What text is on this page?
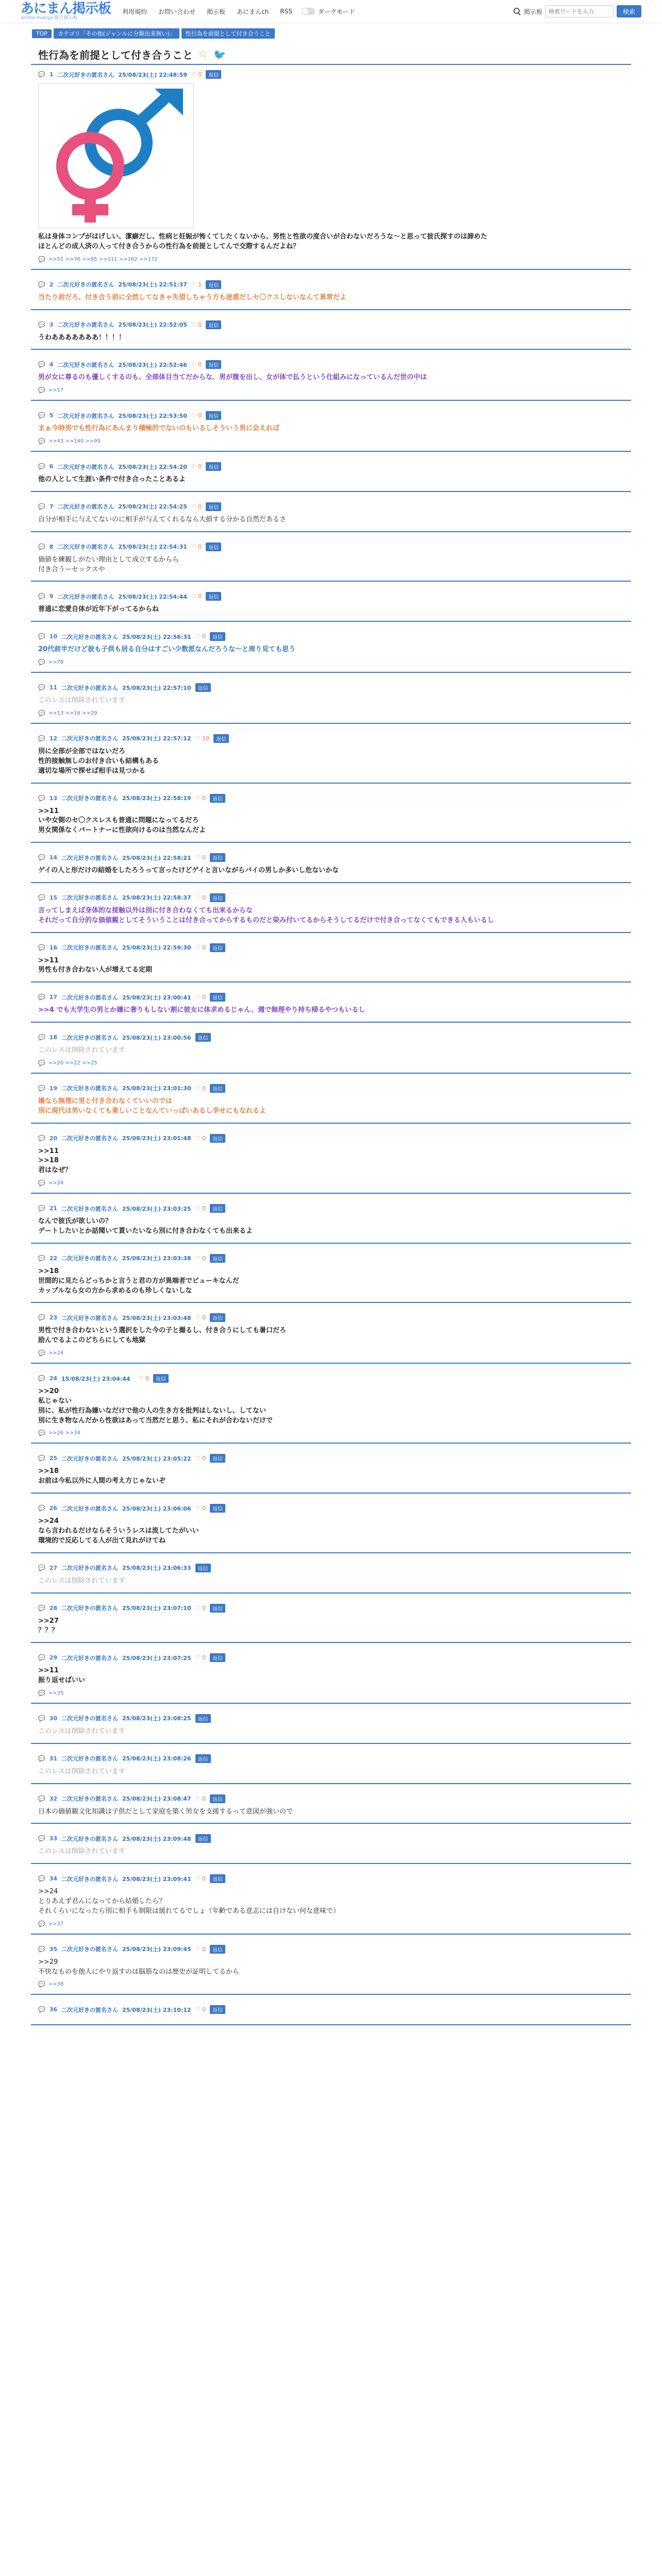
あにまん掲示板
anime-manga 総合掲示板
利用規約 お問い合わせ 掲示板 あにまんch RSS	ダークモード	掲示板
検索ワードを入力	検索
TOP	カテゴリ「その他(ジャンルに分類出来無い)」	性行為を前提として付き合うこと
性行為を前提として付き合うこと ☆ 🐦
💬 1 二次元好きの匿名さん 25/08/23(土) 22:48:59 ♡ 0	返信
私は身体コンプがはげしい、潔癖だし、性病と妊娠が怖くてしたくないから、男性と性欲の度合いが合わないだろうな〜と思って彼氏探すのは諦めた
ほとんどの成人済の人って付き合うからの性行為を前提としてんで交際するんだよね？
💬 >>51 >>76 >>95 >>111 >>162 >>172
💬 2 二次元好きの匿名さん 25/08/23(土) 22:51:37 ♡ 1	返信
当たり前だろ、付き合う前に全然してなきゃ失望しちゃう方も迷惑だしセ〇クスしないなんて異常だよ
💬 3 二次元好きの匿名さん 25/08/23(土) 22:52:05 ♡ 0	返信
うわあああああああ！！！！
💬 4 二次元好きの匿名さん 25/08/23(土) 22:52:46 ♡ 0	返信
男が女に尊るのも優しくするのも、全部体目当てだからな、男が腹を出し、女が体で払うという仕組みになっているんだ世の中は
💬 >>17
💬 5 二次元好きの匿名さん 25/08/23(土) 22:53:50 ♡ 0	返信
まぁ今時男でも性行為にあんまり積極的でないのもいるしそういう男に会えれば
💬 >>43 >>140 >>95
💬 6 二次元好きの匿名さん 25/08/23(土) 22:54:20 ♡ 0	返信
他の人として生涯い条件で付き合ったことあるよ
💬 7 二次元好きの匿名さん 25/08/23(土) 22:54:25 ♡ 0	返信
自分が相手に与えてないのに相手が与えてくれるなら大損する分かる自然だあるさ
💬 8 二次元好きの匿名さん 25/08/23(土) 22:54:31 ♡ 0	返信
価値を練観しがたい理由として成立するからら
付き合うーセックスや
💬 9 二次元好きの匿名さん 25/08/23(土) 22:54:44 ♡ 0	返信
普通に恋愛自体が近年下がってるからね
💬 10 二次元好きの匿名さん 25/08/23(土) 22:56:31 ♡ 0	返信
20代前半だけど彼も子供も居る自分はすごい少数派なんだろうな〜と周り見ても思う
💬 >>78
💬 11 二次元好きの匿名さん 25/08/23(土) 22:57:10	返信
このレスは削除されています
💬 >>13 >>16 >>29
💬 12 二次元好きの匿名さん 25/08/23(土) 22:57:12 ♡ 10	返信
別に全部が全部ではないだろ
性的接触無しのお付き合いも結構もある
適切な場所で探せば相手は見つかる
💬 13 二次元好きの匿名さん 25/08/23(土) 22:58:19 ♡ 0	返信
>>11
いや女側のセ〇クスレスも普通に問題になってるだろ
男女関係なくパートナーに性欲向けるのは当然なんだよ
💬 14 二次元好きの匿名さん 25/08/23(土) 22:58:21 ♡ 0	返信
ゲイの人と形だけの結婚をしたろうって言ったけどゲイと言いながらバイの男しか多いし危ないかな
💬 15 二次元好きの匿名さん 25/08/23(土) 22:58:37 ♡ 0	返信
言ってしまえば身体的な接触以外は別に付き合わなくても出来るからな
それだって自分的な価値観としてそういうことは付き合ってからするものだと染み付いてるからそうしてるだけで付き合ってなくてもできる人もいるし
💬 16 二次元好きの匿名さん 25/08/23(土) 22:59:30 ♡ 0	返信
>>11
男性も付き合わない人が増えてる定期
💬 17 二次元好きの匿名さん 25/08/23(土) 23:00:41 ♡ 0	返信
>>4 でも大学生の男とか嫌に奢りもしない割に彼女に体求めるじゃん、週で無理やり持ち帰るやつもいるし
💬 18 二次元好きの匿名さん 25/08/23(土) 23:00:56	返信
このレスは削除されています
💬 >>20 >>22 >>25
💬 19 二次元好きの匿名さん 25/08/23(土) 23:01:30 ♡ 0	返信
嫌なら無理に男と付き合わなくていいのでは
別に現代は男いなくても楽しいことなんていっぱいあるし幸せにもなれるよ
💬 20 二次元好きの匿名さん 25/08/23(土) 23:01:48 ♡ 0	返信
>>11
>>18
君はなぜ？
💬 >>24
💬 21 二次元好きの匿名さん 25/08/23(土) 23:03:25 ♡ 0	返信
なんで彼氏が欲しいの？
デートしたいとか話聞いて貰いたいなら別に付き合わなくても出来るよ
💬 22 二次元好きの匿名さん 25/08/23(土) 23:03:38 ♡ 0	返信
>>18
世間的に見たらどっちかと言うと君の方が異端者でビューキなんだ
カップルなら女の方から求めるのも珍しくないしな
💬 23 二次元好きの匿名さん 25/08/23(土) 23:03:48 ♡ 0	返信
男性で付き合わないという選択をした今の子と撮るし、付き合うにしても暑口だろ
励んでるよこのどちらにしても地獄
💬 >>24
💬 24 15/08/23(土) 23:04:44 ♡ 0	返信
>>20
私じゃない
別に、私が性行為嫌いなだけで他の人の生き方を批判はしないし、してない
別に生き物なんだから性欲はあって当然だと思う、私にそれが合わないだけで
💬 >>26 >>34
💬 25 二次元好きの匿名さん 25/08/23(土) 23:05:22 ♡ 0	返信
>>18
お前は今私以外に人間の考え方じゃないぞ
💬 26 二次元好きの匿名さん 25/08/23(土) 23:06:06 ♡ 0	返信
>>24
なら言われるだけならそういうレスは流してたがいい
環境的で反応してる人が出て見れがけてね
💬 27 二次元好きの匿名さん 25/08/23(土) 23:06:33	返信
このレスは削除されています
💬 28 二次元好きの匿名さん 25/08/23(土) 23:07:10 ♡ 0	返信
>>27
？？？
💬 29 二次元好きの匿名さん 25/08/23(土) 23:07:25 ♡ 0	返信
>>11
振り返せばいい
💬 >>35
💬 30 二次元好きの匿名さん 25/08/23(土) 23:08:25	返信
このレスは削除されています
💬 31 二次元好きの匿名さん 25/08/23(土) 23:08:26	返信
このレスは削除されています
💬 32 二次元好きの匿名さん 25/08/23(土) 23:08:47 ♡ 0	返信
日本の価値観文化知識は子供だとして家庭を築く男女を支援するって意図が強いので
💬 33 二次元好きの匿名さん 25/08/23(土) 23:09:48	返信
このレスは削除されています
💬 34 二次元好きの匿名さん 25/08/23(土) 23:09:41 ♡ 0	返信
>>24
とりあえず君んになってから結婚したら？
それくらいになったら別に相手も制限は緩れてるでしょ（年齢である意志には自けない何な意味で）
💬 >>37
💬 35 二次元好きの匿名さん 25/08/23(土) 23:09:45 ♡ 0	返信
>>29
不快なものを他人にやり返すのは脳筋なのは歴史が証明してるから
💬 >>38
💬 36 二次元好きの匿名さん 25/08/23(土) 23:10:12 ♡ 0	返信
